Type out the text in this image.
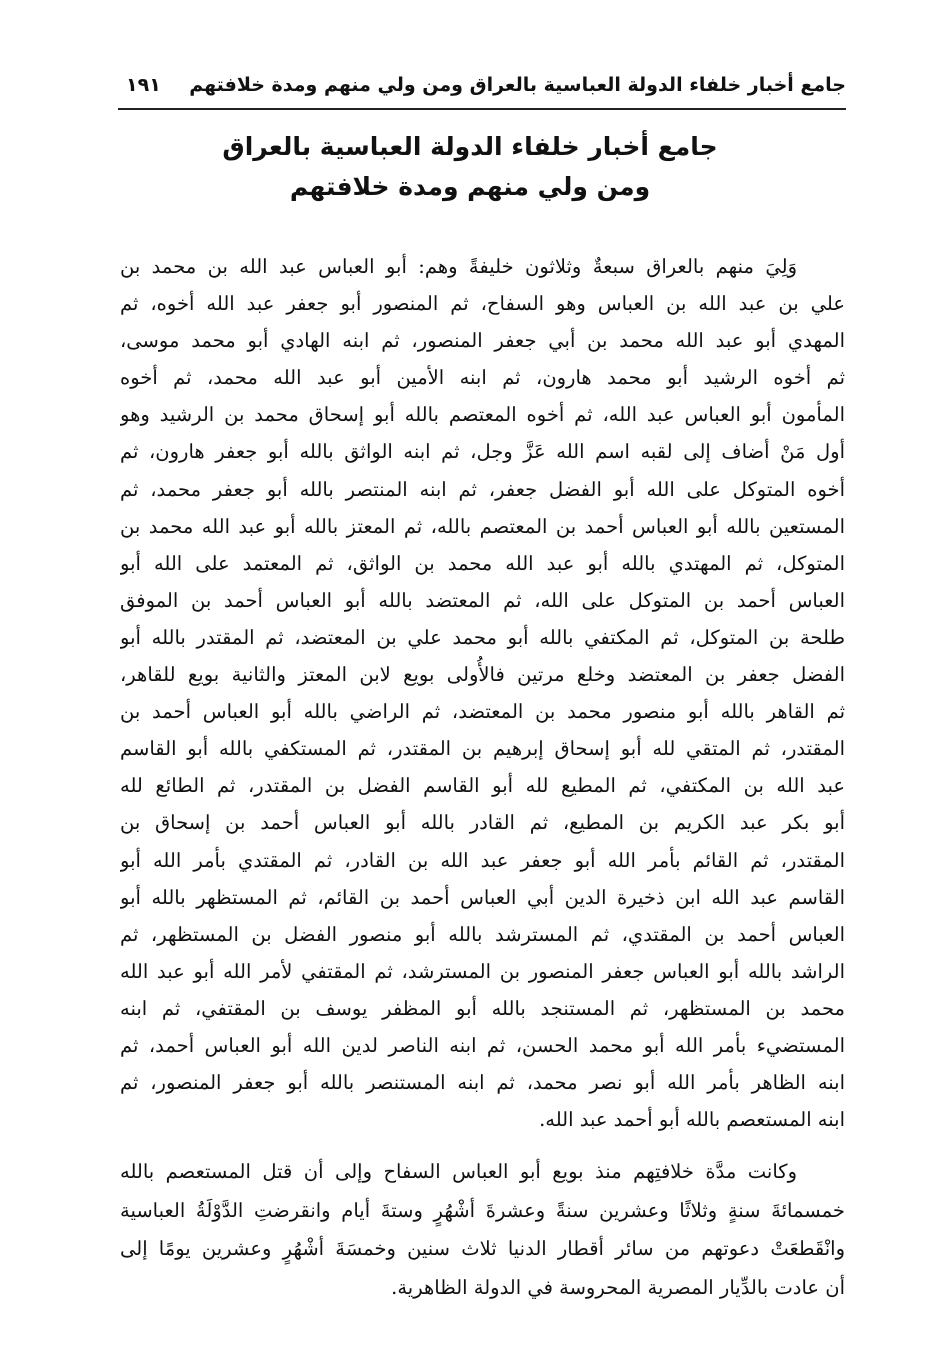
جامع أخبار خلفاء الدولة العباسية بالعراق ومن ولي منهم ومدة خلافتهم
١٩١
جامع أخبار خلفاء الدولة العباسية بالعراق
ومن ولي منهم ومدة خلافتهم
وَلِيَ منهم بالعراق سبعةٌ وثلاثون خليفةً وهم: أبو العباس عبد الله بن محمد بن
علي بن عبد الله بن العباس وهو السفاح، ثم المنصور أبو جعفر عبد الله أخوه، ثم
المهدي أبو عبد الله محمد بن أبي جعفر المنصور، ثم ابنه الهادي أبو محمد موسى،
ثم أخوه الرشيد أبو محمد هارون، ثم ابنه الأمين أبو عبد الله محمد، ثم أخوه
المأمون أبو العباس عبد الله، ثم أخوه المعتصم بالله أبو إسحاق محمد بن الرشيد وهو
أول مَنْ أضاف إلى لقبه اسم الله عَزَّ وجل، ثم ابنه الواثق بالله أبو جعفر هارون، ثم
أخوه المتوكل على الله أبو الفضل جعفر، ثم ابنه المنتصر بالله أبو جعفر محمد، ثم
المستعين بالله أبو العباس أحمد بن المعتصم بالله، ثم المعتز بالله أبو عبد الله محمد بن
المتوكل، ثم المهتدي بالله أبو عبد الله محمد بن الواثق، ثم المعتمد على الله أبو
العباس أحمد بن المتوكل على الله، ثم المعتضد بالله أبو العباس أحمد بن الموفق
طلحة بن المتوكل، ثم المكتفي بالله أبو محمد علي بن المعتضد، ثم المقتدر بالله أبو
الفضل جعفر بن المعتضد وخلع مرتين فالأُولى بويع لابن المعتز والثانية بويع للقاهر،
ثم القاهر بالله أبو منصور محمد بن المعتضد، ثم الراضي بالله أبو العباس أحمد بن
المقتدر، ثم المتقي لله أبو إسحاق إبرهيم بن المقتدر، ثم المستكفي بالله أبو القاسم
عبد الله بن المكتفي، ثم المطيع لله أبو القاسم الفضل بن المقتدر، ثم الطائع لله
أبو بكر عبد الكريم بن المطيع، ثم القادر بالله أبو العباس أحمد بن إسحاق بن
المقتدر، ثم القائم بأمر الله أبو جعفر عبد الله بن القادر، ثم المقتدي بأمر الله أبو
القاسم عبد الله ابن ذخيرة الدين أبي العباس أحمد بن القائم، ثم المستظهر بالله أبو
العباس أحمد بن المقتدي، ثم المسترشد بالله أبو منصور الفضل بن المستظهر، ثم
الراشد بالله أبو العباس جعفر المنصور بن المسترشد، ثم المقتفي لأمر الله أبو عبد الله
محمد بن المستظهر، ثم المستنجد بالله أبو المظفر يوسف بن المقتفي، ثم ابنه
المستضيء بأمر الله أبو محمد الحسن، ثم ابنه الناصر لدين الله أبو العباس أحمد، ثم
ابنه الظاهر بأمر الله أبو نصر محمد، ثم ابنه المستنصر بالله أبو جعفر المنصور، ثم
ابنه المستعصم بالله أبو أحمد عبد الله.
وكانت مدَّة خلافتِهم منذ بويع أبو العباس السفاح وإلى أن قتل المستعصم بالله
خمسمائةَ سنةٍ وثلاثًا وعشرين سنةً وعشرةَ أشْهُرٍ وستةَ أيام وانقرضتِ الدَّوْلَةُ العباسية
وانْقَطعَتْ دعوتهم من سائر أقطار الدنيا ثلاث سنين وخمسَةَ أشْهُرٍ وعشرين يومًا إلى
أن عادت بالدِّيار المصرية المحروسة في الدولة الظاهرية.
